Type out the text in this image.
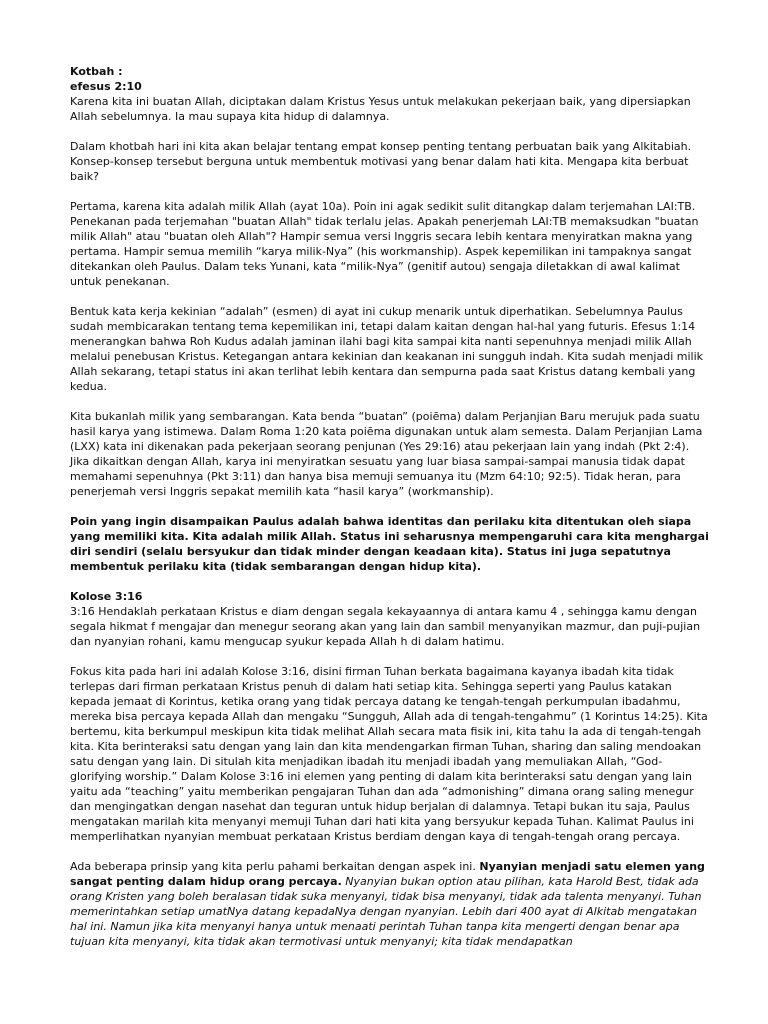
Kotbah :

efesus 2:10

Karena kita ini buatan Allah, diciptakan dalam Kristus Yesus untuk melakukan pekerjaan baik, yang dipersiapkan Allah sebelumnya. Ia mau supaya kita hidup di dalamnya.

Dalam khotbah hari ini kita akan belajar tentang empat konsep penting tentang perbuatan baik yang Alkitabiah. Konsep-konsep tersebut berguna untuk membentuk motivasi yang benar dalam hati kita. Mengapa kita berbuat baik?

Pertama, karena kita adalah milik Allah (ayat 10a). Poin ini agak sedikit sulit ditangkap dalam terjemahan LAI:TB. Penekanan pada terjemahan "buatan Allah" tidak terlalu jelas. Apakah penerjemah LAI:TB memaksudkan "buatan milik Allah" atau "buatan oleh Allah"? Hampir semua versi Inggris secara lebih kentara menyiratkan makna yang pertama. Hampir semua memilih “karya milik-Nya” (his workmanship). Aspek kepemilikan ini tampaknya sangat ditekankan oleh Paulus. Dalam teks Yunani, kata “milik-Nya” (genitif autou) sengaja diletakkan di awal kalimat untuk penekanan.

Bentuk kata kerja kekinian “adalah” (esmen) di ayat ini cukup menarik untuk diperhatikan. Sebelumnya Paulus sudah membicarakan tentang tema kepemilikan ini, tetapi dalam kaitan dengan hal-hal yang futuris. Efesus 1:14 menerangkan bahwa Roh Kudus adalah jaminan ilahi bagi kita sampai kita nanti sepenuhnya menjadi milik Allah melalui penebusan Kristus. Ketegangan antara kekinian dan keakanan ini sungguh indah. Kita sudah menjadi milik Allah sekarang, tetapi status ini akan terlihat lebih kentara dan sempurna pada saat Kristus datang kembali yang kedua.

Kita bukanlah milik yang sembarangan. Kata benda “buatan” (poiēma) dalam Perjanjian Baru merujuk pada suatu hasil karya yang istimewa. Dalam Roma 1:20 kata poiēma digunakan untuk alam semesta. Dalam Perjanjian Lama (LXX) kata ini dikenakan pada pekerjaan seorang penjunan (Yes 29:16) atau pekerjaan lain yang indah (Pkt 2:4). Jika dikaitkan dengan Allah, karya ini menyiratkan sesuatu yang luar biasa sampai-sampai manusia tidak dapat memahami sepenuhnya (Pkt 3:11) dan hanya bisa memuji semuanya itu (Mzm 64:10; 92:5). Tidak heran, para penerjemah versi Inggris sepakat memilih kata “hasil karya” (workmanship).

Poin yang ingin disampaikan Paulus adalah bahwa identitas dan perilaku kita ditentukan oleh siapa yang memiliki kita. Kita adalah milik Allah. Status ini seharusnya mempengaruhi cara kita menghargai diri sendiri (selalu bersyukur dan tidak minder dengan keadaan kita). Status ini juga sepatutnya membentuk perilaku kita (tidak sembarangan dengan hidup kita).

Kolose 3:16

3:16 Hendaklah perkataan Kristus e diam dengan segala kekayaannya di antara kamu 4 , sehingga kamu dengan segala hikmat f mengajar dan menegur seorang akan yang lain dan sambil menyanyikan mazmur, dan puji-pujian dan nyanyian rohani, kamu mengucap syukur kepada Allah h di dalam hatimu.

Fokus kita pada hari ini adalah Kolose 3:16, disini firman Tuhan berkata bagaimana kayanya ibadah kita tidak terlepas dari firman perkataan Kristus penuh di dalam hati setiap kita. Sehingga seperti yang Paulus katakan kepada jemaat di Korintus, ketika orang yang tidak percaya datang ke tengah-tengah perkumpulan ibadahmu, mereka bisa percaya kepada Allah dan mengaku “Sungguh, Allah ada di tengah-tengahmu” (1 Korintus 14:25). Kita bertemu, kita berkumpul meskipun kita tidak melihat Allah secara mata fisik ini, kita tahu Ia ada di tengah-tengah kita. Kita berinteraksi satu dengan yang lain dan kita mendengarkan firman Tuhan, sharing dan saling mendoakan satu dengan yang lain. Di situlah kita menjadikan ibadah itu menjadi ibadah yang memuliakan Allah, “God-glorifying worship.” Dalam Kolose 3:16 ini elemen yang penting di dalam kita berinteraksi satu dengan yang lain yaitu ada “teaching” yaitu memberikan pengajaran Tuhan dan ada “admonishing” dimana orang saling menegur dan mengingatkan dengan nasehat dan teguran untuk hidup berjalan di dalamnya. Tetapi bukan itu saja, Paulus mengatakan marilah kita menyanyi memuji Tuhan dari hati kita yang bersyukur kepada Tuhan. Kalimat Paulus ini memperlihatkan nyanyian membuat perkataan Kristus berdiam dengan kaya di tengah-tengah orang percaya.

Ada beberapa prinsip yang kita perlu pahami berkaitan dengan aspek ini. Nyanyian menjadi satu elemen yang sangat penting dalam hidup orang percaya. Nyanyian bukan option atau pilihan, kata Harold Best, tidak ada orang Kristen yang boleh beralasan tidak suka menyanyi, tidak bisa menyanyi, tidak ada talenta menyanyi. Tuhan memerintahkan setiap umatNya datang kepadaNya dengan nyanyian. Lebih dari 400 ayat di Alkitab mengatakan hal ini. Namun jika kita menyanyi hanya untuk menaati perintah Tuhan tanpa kita mengerti dengan benar apa tujuan kita menyanyi, kita tidak akan termotivasi untuk menyanyi; kita tidak mendapatkan
